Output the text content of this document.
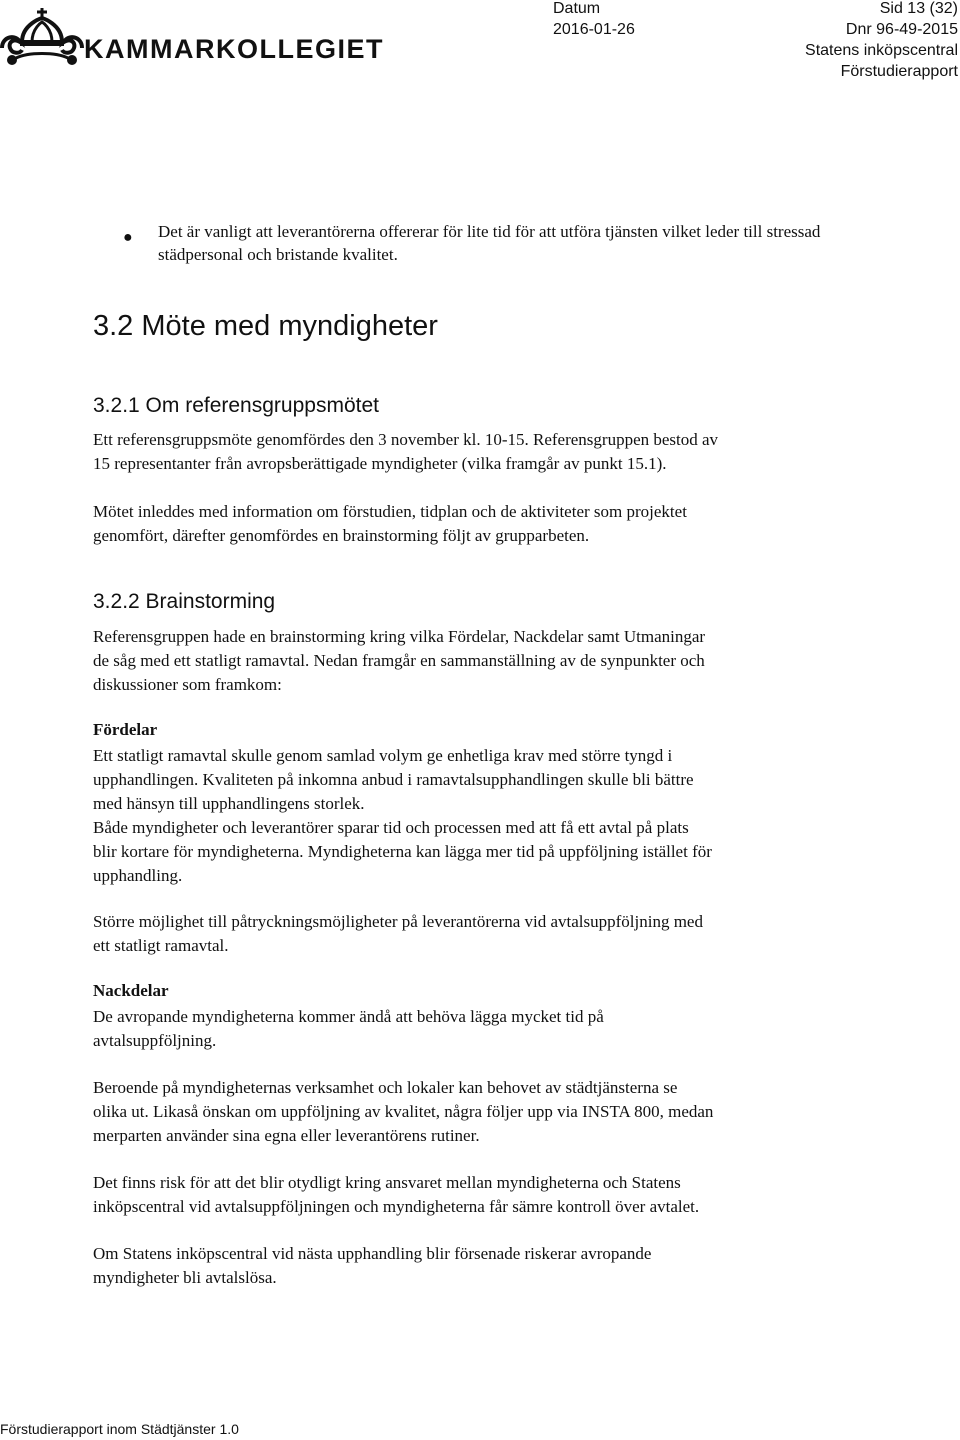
KAMMARKOLLEGIET
Datum
2016-01-26
Sid 13 (32)
Dnr 96-49-2015
Statens inköpscentral
Förstudierapport
● Det är vanligt att leverantörerna offererar för lite tid för att utföra tjänsten vilket leder till stressad städpersonal och bristande kvalitet.
3.2 Möte med myndigheter
3.2.1 Om referensgruppsmötet
Ett referensgruppsmöte genomfördes den 3 november kl. 10-15. Referensgruppen bestod av
15 representanter från avropsberättigade myndigheter (vilka framgår av punkt 15.1).
Mötet inleddes med information om förstudien, tidplan och de aktiviteter som projektet
genomfört, därefter genomfördes en brainstorming följt av grupparbeten.
3.2.2 Brainstorming
Referensgruppen hade en brainstorming kring vilka Fördelar, Nackdelar samt Utmaningar
de såg med ett statligt ramavtal. Nedan framgår en sammanställning av de synpunkter och
diskussioner som framkom:
Fördelar
Ett statligt ramavtal skulle genom samlad volym ge enhetliga krav med större tyngd i
upphandlingen. Kvaliteten på inkomna anbud i ramavtalsupphandlingen skulle bli bättre
med hänsyn till upphandlingens storlek.
Både myndigheter och leverantörer sparar tid och processen med att få ett avtal på plats
blir kortare för myndigheterna. Myndigheterna kan lägga mer tid på uppföljning istället för
upphandling.
Större möjlighet till påtryckningsmöjligheter på leverantörerna vid avtalsuppföljning med
ett statligt ramavtal.
Nackdelar
De avropande myndigheterna kommer ändå att behöva lägga mycket tid på
avtalsuppföljning.
Beroende på myndigheternas verksamhet och lokaler kan behovet av städtjänsterna se
olika ut. Likaså önskan om uppföljning av kvalitet, några följer upp via INSTA 800, medan
merparten använder sina egna eller leverantörens rutiner.
Det finns risk för att det blir otydligt kring ansvaret mellan myndigheterna och Statens
inköpscentral vid avtalsuppföljningen och myndigheterna får sämre kontroll över avtalet.
Om Statens inköpscentral vid nästa upphandling blir försenade riskerar avropande
myndigheter bli avtalslösa.
Förstudierapport inom Städtjänster 1.0
